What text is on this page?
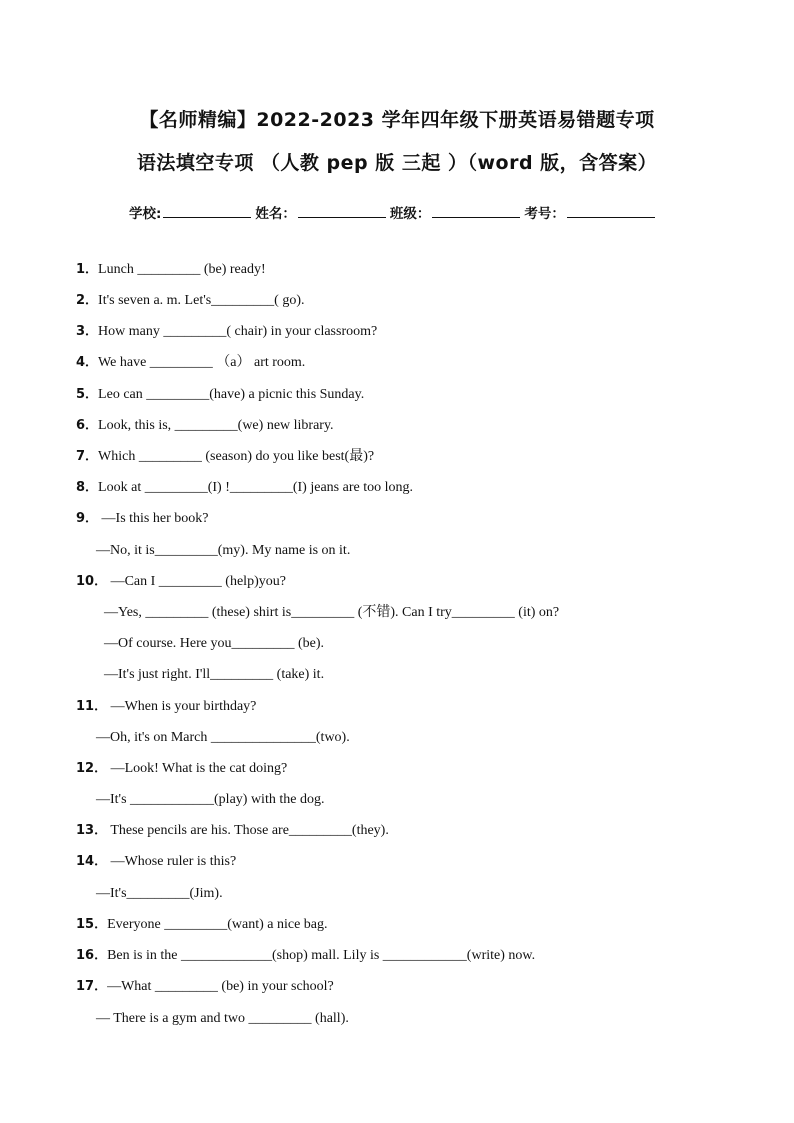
【名师精编】2022-2023 学年四年级下册英语易错题专项
语法填空专项 （人教 pep 版 三起 ）（word 版，含答案）
学校:	姓名：	班级：	考号：
1．Lunch _________ (be) ready!
2．It's seven a. m. Let's_________( go).
3．How many _________( chair) in your classroom?
4．We have _________ （a） art room.
5．Leo can _________(have) a picnic this Sunday.
6．Look, this is, _________(we) new library.
7．Which _________ (season) do you like best(最)?
8．Look at _________(I) !_________(I) jeans are too long.
9． —Is this her book?
—No, it is_________(my). My name is on it.
10． —Can I _________ (help)you?
—Yes, _________ (these) shirt is_________ (不错). Can I try_________ (it) on?
—Of course. Here you_________ (be).
—It's just right. I'll_________ (take) it.
11． —When is your birthday?
—Oh, it's on March _______________(two).
12． —Look! What is the cat doing?
—It's ____________(play) with the dog.
13． These pencils are his. Those are_________(they).
14． —Whose ruler is this?
—It's_________(Jim).
15．Everyone _________(want) a nice bag.
16．Ben is in the _____________(shop) mall. Lily is ____________(write) now.
17．—What _________ (be) in your school?
— There is a gym and two _________ (hall).
